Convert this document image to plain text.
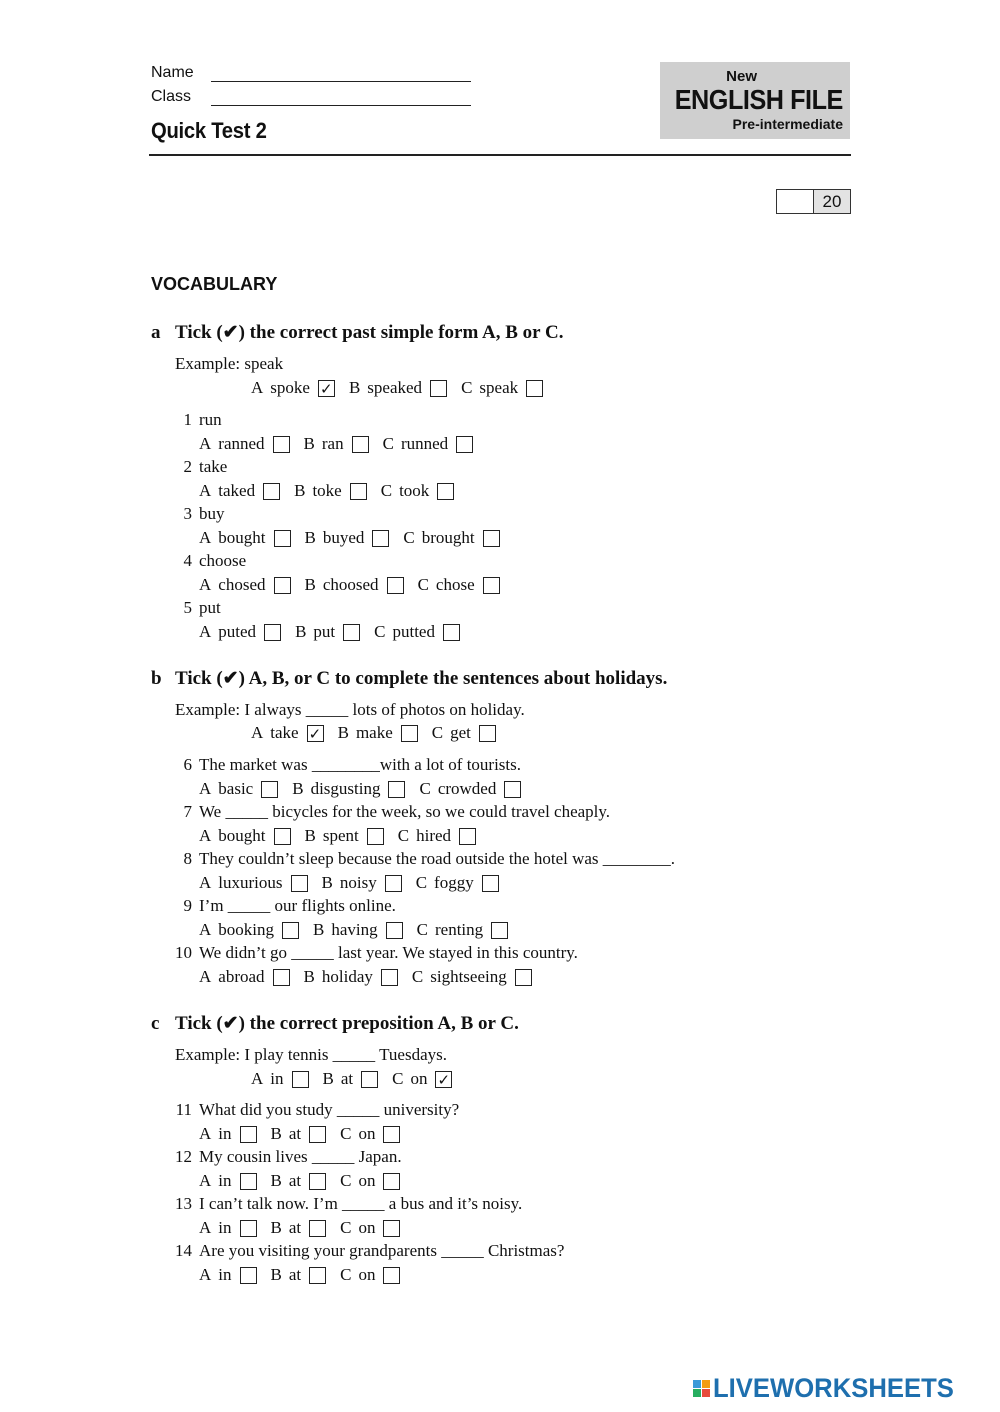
Name
Class
Quick Test 2
New
ENGLISH FILE
Pre-intermediate
20
VOCABULARY
a Tick (✔) the correct past simple form A, B or C.
Example: speak
A spoke ✓ B speaked C speak
1 run
A ranned B ran C runned
2 take
A taked B toke C took
3 buy
A bought B buyed C brought
4 choose
A chosed B choosed C chose
5 put
A puted B put C putted
b Tick (✔) A, B, or C to complete the sentences about holidays.
Example: I always _____ lots of photos on holiday.
A take ✓ B make C get
6 The market was ________with a lot of tourists.
A basic B disgusting C crowded
7 We _____ bicycles for the week, so we could travel cheaply.
A bought B spent C hired
8 They couldn’t sleep because the road outside the hotel was ________.
A luxurious B noisy C foggy
9 I’m _____ our flights online.
A booking B having C renting
10 We didn’t go _____ last year. We stayed in this country.
A abroad B holiday C sightseeing
c Tick (✔) the correct preposition A, B or C.
Example: I play tennis _____ Tuesdays.
A in B at C on ✓
11 What did you study _____ university?
A in B at C on
12 My cousin lives _____ Japan.
A in B at C on
13 I can’t talk now. I’m _____ a bus and it’s noisy.
A in B at C on
14 Are you visiting your grandparents _____ Christmas?
A in B at C on
LIVEWORKSHEETS
